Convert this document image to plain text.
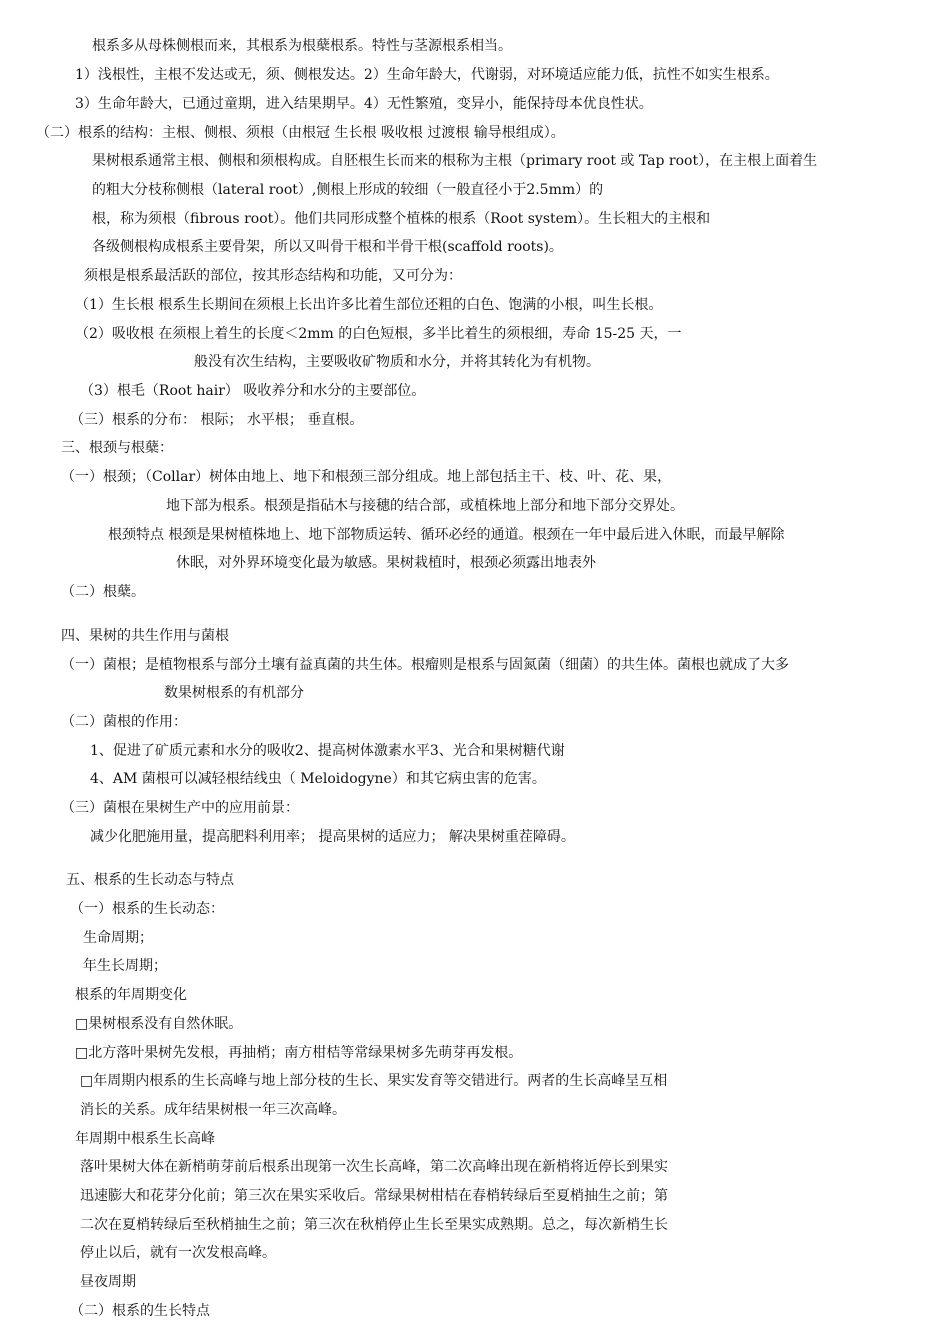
根系多从母株侧根而来，其根系为根蘖根系。特性与茎源根系相当。
1）浅根性，主根不发达或无，须、侧根发达。2）生命年龄大，代谢弱，对环境适应能力低，抗性不如实生根系。
3）生命年龄大，已通过童期，进入结果期早。4）无性繁殖，变异小，能保持母本优良性状。
（二）根系的结构：主根、侧根、须根（由根冠 生长根 吸收根 过渡根 输导根组成）。
果树根系通常主根、侧根和须根构成。自胚根生长而来的根称为主根（primary root 或 Tap root），在主根上面着生
的粗大分枝称侧根（lateral root）,侧根上形成的较细（一般直径小于2.5mm）的
根，称为须根（fibrous root）。他们共同形成整个植株的根系（Root system）。生长粗大的主根和
各级侧根构成根系主要骨架，所以又叫骨干根和半骨干根(scaffold roots)。
须根是根系最活跃的部位，按其形态结构和功能，又可分为：
（1）生长根 根系生长期间在须根上长出许多比着生部位还粗的白色、饱满的小根，叫生长根。
（2）吸收根 在须根上着生的长度＜2mm 的白色短根，多半比着生的须根细，寿命 15-25 天，一
般没有次生结构，主要吸收矿物质和水分，并将其转化为有机物。
（3）根毛（Root hair） 吸收养分和水分的主要部位。
（三）根系的分布： 根际； 水平根； 垂直根。
三、根颈与根蘖：
（一）根颈；（Collar）树体由地上、地下和根颈三部分组成。地上部包括主干、枝、叶、花、果，
地下部为根系。根颈是指砧木与接穗的结合部，或植株地上部分和地下部分交界处。
根颈特点 根颈是果树植株地上、地下部物质运转、循环必经的通道。根颈在一年中最后进入休眠，而最早解除
休眠，对外界环境变化最为敏感。果树栽植时，根颈必须露出地表外
（二）根蘖。
四、果树的共生作用与菌根
（一）菌根；是植物根系与部分土壤有益真菌的共生体。根瘤则是根系与固氮菌（细菌）的共生体。菌根也就成了大多
数果树根系的有机部分
（二）菌根的作用：
1、促进了矿质元素和水分的吸收2、提高树体激素水平3、光合和果树糖代谢
4、AM 菌根可以减轻根结线虫（ Meloidogyne）和其它病虫害的危害。
（三）菌根在果树生产中的应用前景：
减少化肥施用量，提高肥料利用率； 提高果树的适应力； 解决果树重茬障碍。
五、根系的生长动态与特点
（一）根系的生长动态：
生命周期；
年生长周期；
根系的年周期变化
□果树根系没有自然休眠。
□北方落叶果树先发根，再抽梢；南方柑桔等常绿果树多先萌芽再发根。
□年周期内根系的生长高峰与地上部分枝的生长、果实发育等交错进行。两者的生长高峰呈互相
消长的关系。成年结果树根一年三次高峰。
年周期中根系生长高峰
落叶果树大体在新梢萌芽前后根系出现第一次生长高峰，第二次高峰出现在新梢将近停长到果实
迅速膨大和花芽分化前；第三次在果实采收后。常绿果树柑桔在春梢转绿后至夏梢抽生之前；第
二次在夏梢转绿后至秋梢抽生之前；第三次在秋梢停止生长至果实成熟期。总之，每次新梢生长
停止以后，就有一次发根高峰。
昼夜周期
（二）根系的生长特点
